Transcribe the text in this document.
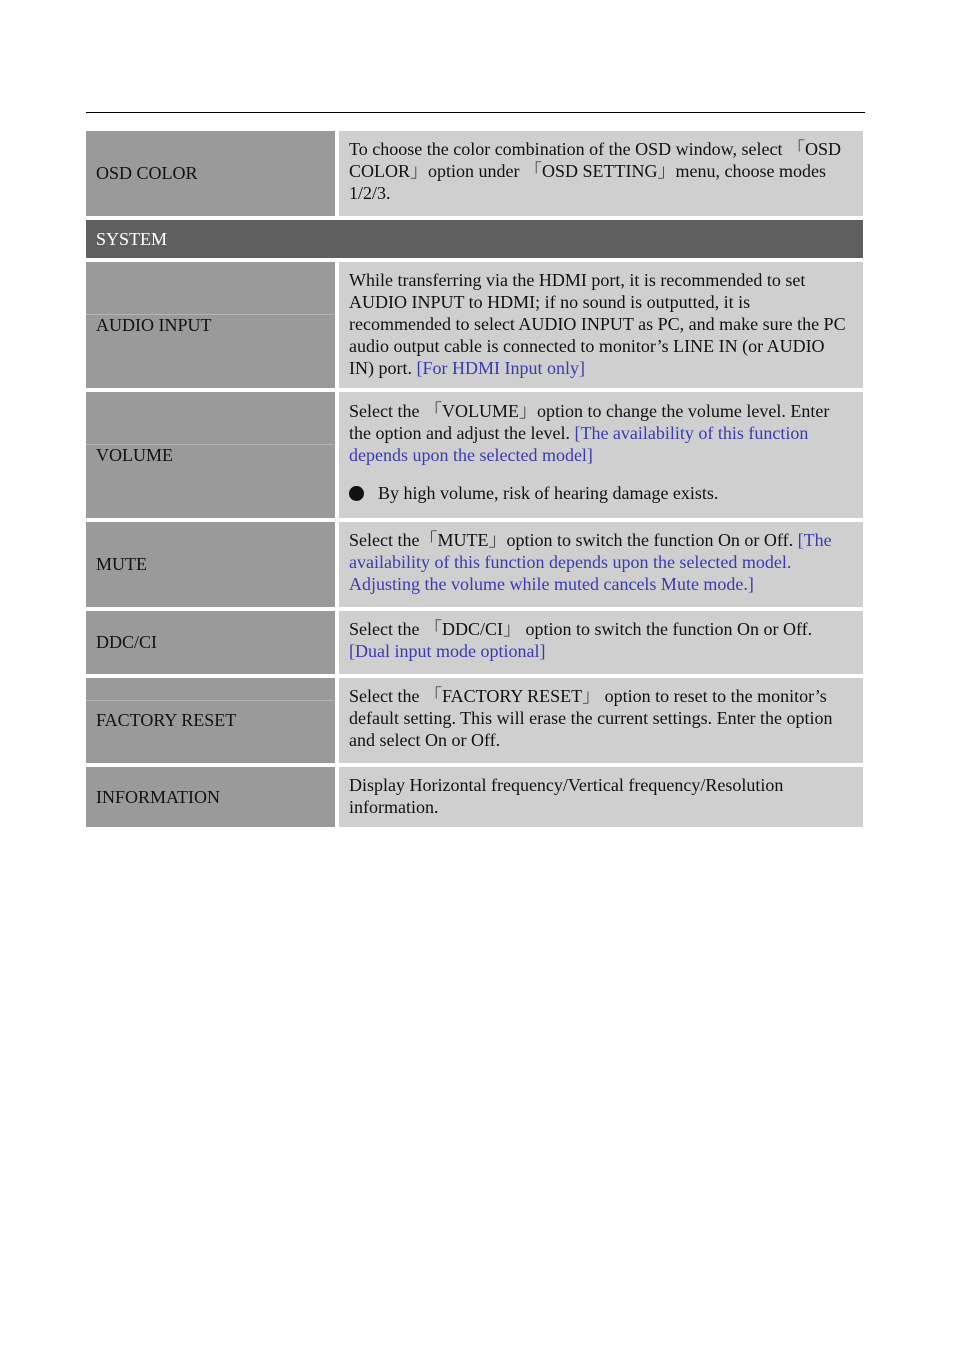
OSD COLOR
To choose the color combination of the OSD window, select 「OSD COLOR」option under 「OSD SETTING」menu, choose modes 1/2/3.
SYSTEM
AUDIO INPUT
While transferring via the HDMI port, it is recommended to set AUDIO INPUT to HDMI; if no sound is outputted, it is recommended to select AUDIO INPUT as PC, and make sure the PC audio output cable is connected to monitor’s LINE IN (or AUDIO IN) port. [For HDMI Input only]
VOLUME
Select the 「VOLUME」option to change the volume level. Enter the option and adjust the level. [The availability of this function depends upon the selected model]
By high volume, risk of hearing damage exists.
MUTE
Select the「MUTE」option to switch the function On or Off. [The availability of this function depends upon the selected model. Adjusting the volume while muted cancels Mute mode.]
DDC/CI
Select the 「DDC/CI」 option to switch the function On or Off. [Dual input mode optional]
FACTORY RESET
Select the 「FACTORY RESET」 option to reset to the monitor’s default setting. This will erase the current settings. Enter the option and select On or Off.
INFORMATION
Display Horizontal frequency/Vertical frequency/Resolution information.
